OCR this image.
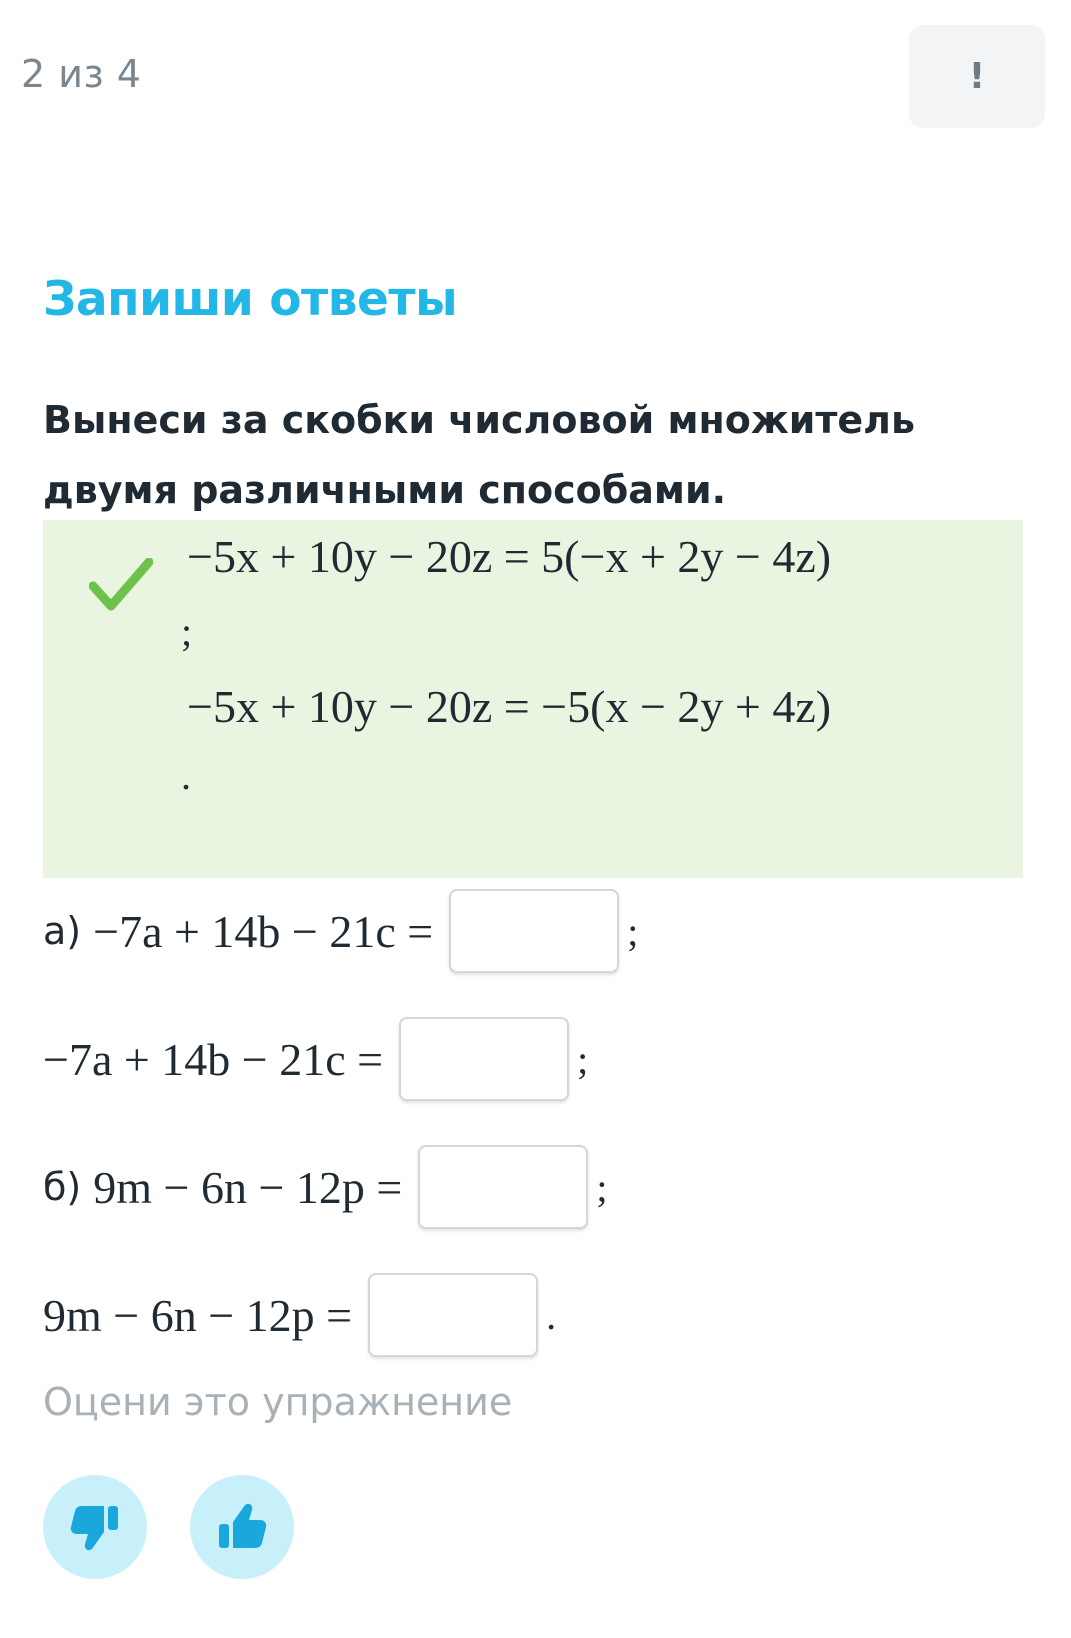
2 из 4	!
Запиши ответы
Вынеси за скобки числовой множитель двумя различными способами.
−5x + 10y − 20z = 5(−x + 2y − 4z)
;
−5x + 10y − 20z = −5(x − 2y + 4z)
.
а) −7a + 14b − 21c =	;
−7a + 14b − 21c =	;
б) 9m − 6n − 12p =	;
9m − 6n − 12p =	.
Оцени это упражнение
